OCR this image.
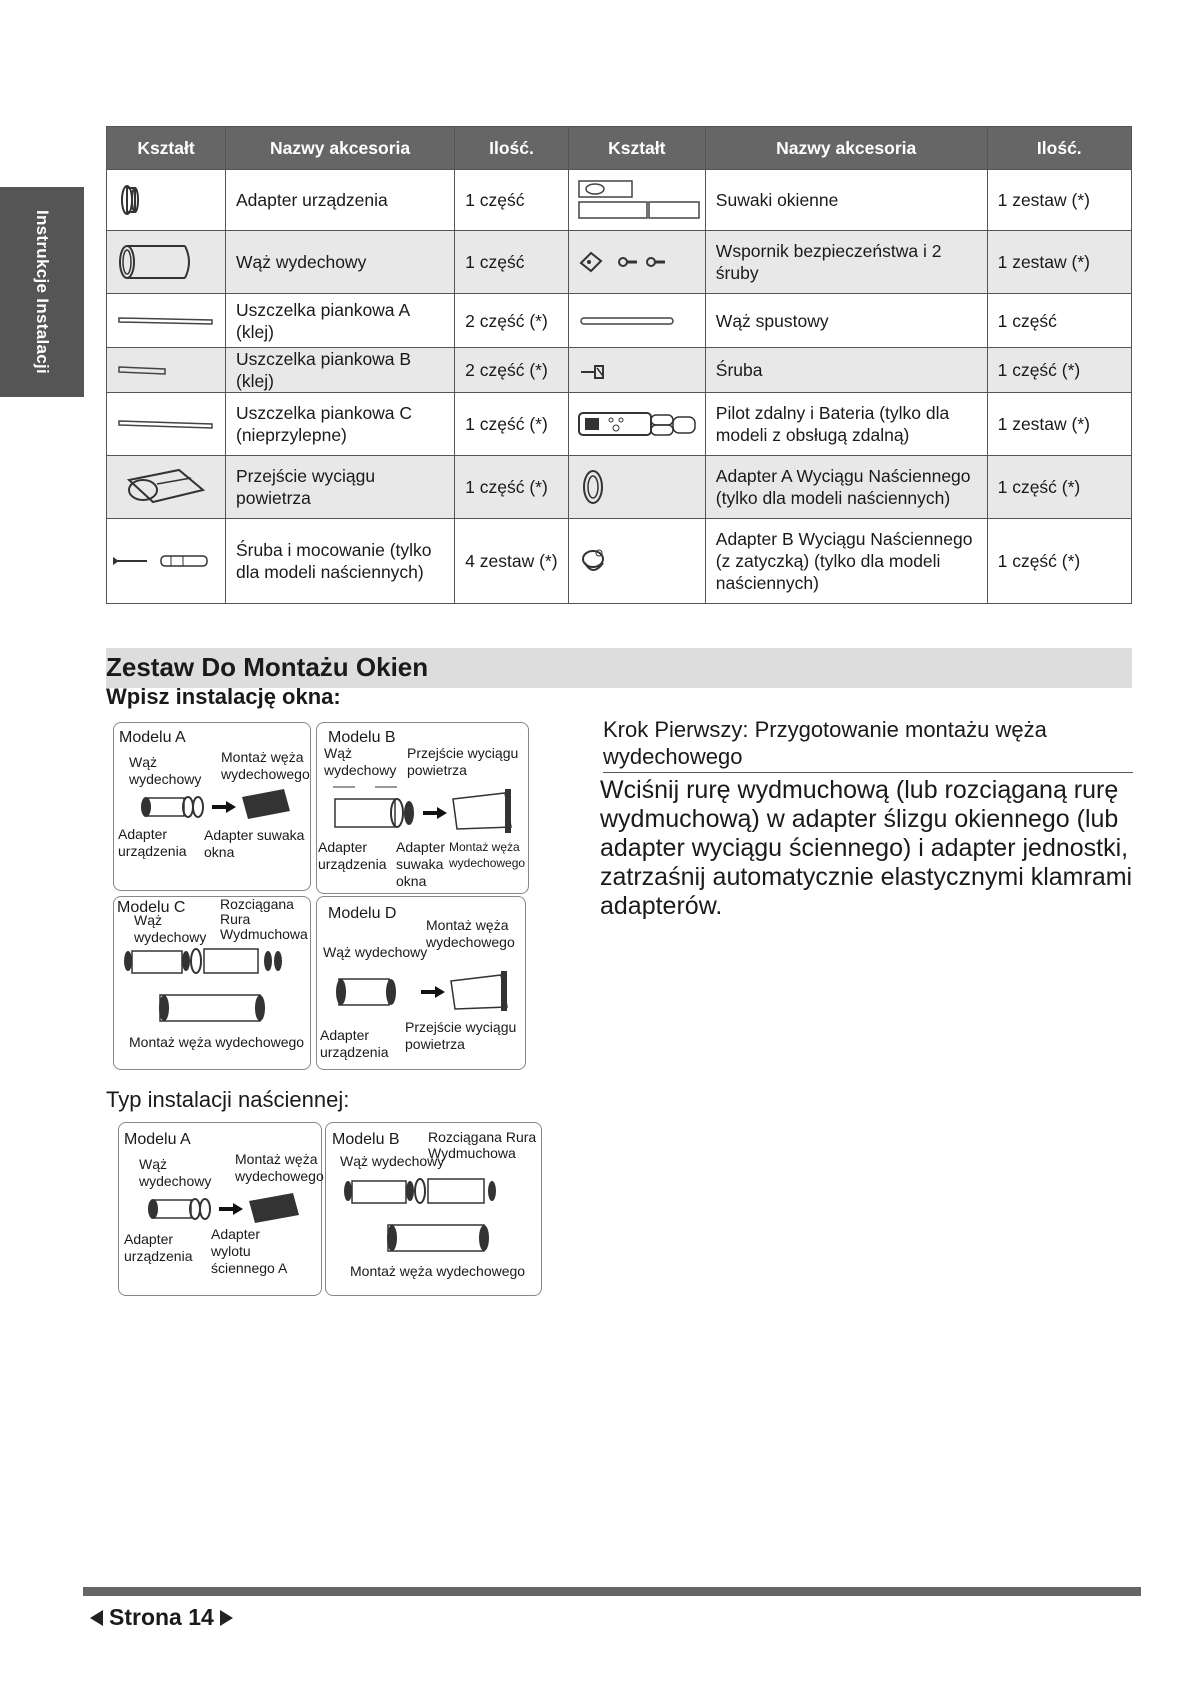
Instrukcje Instalacji
Kształt	Nazwy akcesoria	Ilość.	Kształt	Nazwy akcesoria	Ilość.

	Adapter urządzenia	1 część		Suwaki okienne	1 zestaw (*)

	Wąż wydechowy	1 część		Wspornik bezpieczeństwa i 2 śruby	1 zestaw (*)

	Uszczelka piankowa A (klej)	2 część (*)		Wąż spustowy	1 część

	Uszczelka piankowa B (klej)	2 część (*)		Śruba	1 część (*)

	Uszczelka piankowa C (nieprzylepne)	1 część (*)		Pilot zdalny i Bateria (tylko dla modeli z obsługą zdalną)	1 zestaw (*)

	Przejście wyciągu powietrza	1 część (*)		Adapter A Wyciągu Naściennego (tylko dla modeli naściennych)	1 część (*)

	Śruba i mocowanie (tylko dla modeli naściennych)	4 zestaw (*)		Adapter B Wyciągu Naściennego (z zatyczką) (tylko dla modeli naściennych)	1 część (*)
Zestaw Do Montażu Okien
Wpisz instalację okna:
Modelu A
Wąż wydechowy
Montaż węża wydechowego
Adapter urządzenia
Adapter suwaka okna
Modelu B
Wąż wydechowy
Przejście wyciągu powietrza
Adapter urządzenia
Adapter suwaka okna
Montaż węża wydechowego
Modelu C
Wąż wydechowy
Rozciągana Rura Wydmuchowa
Montaż węża wydechowego
Modelu D
Wąż wydechowy
Montaż węża wydechowego
Adapter urządzenia
Przejście wyciągu powietrza
Typ instalacji naściennej:
Modelu A
Wąż wydechowy
Montaż węża wydechowego
Adapter urządzenia
Adapter wylotu ściennego A
Modelu B Rozciągana Rura Wydmuchowa
Wąż wydechowy
Montaż węża wydechowego
Krok Pierwszy: Przygotowanie montażu węża wydechowego
Wciśnij rurę wydmuchową (lub rozciąganą rurę wydmuchową) w adapter ślizgu okiennego (lub adapter wyciągu ściennego) i adapter jednostki, zatrzaśnij automatycznie elastycznymi klamrami adapterów.
Strona 14
